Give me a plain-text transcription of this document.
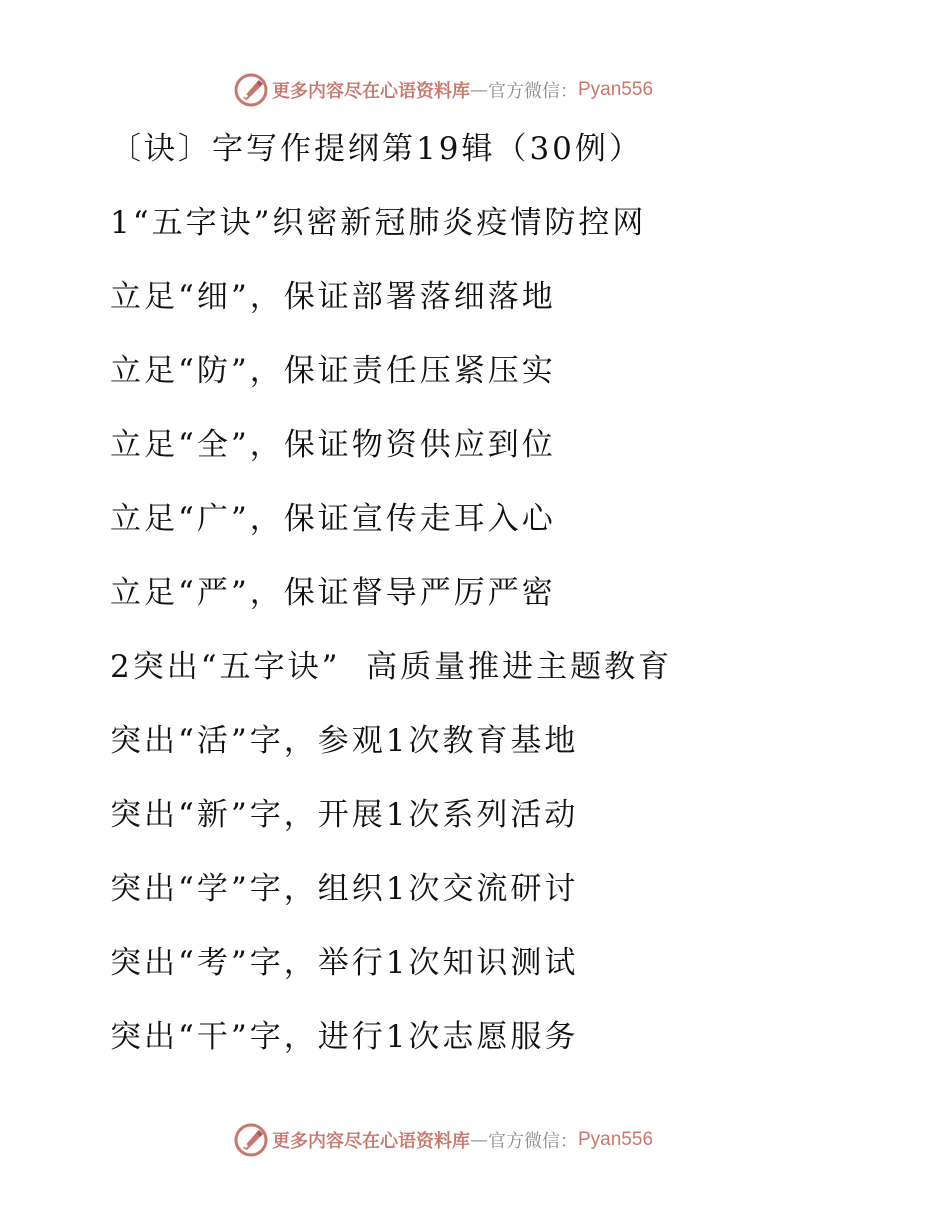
更多内容尽在心语资料库 — 官方微信： Pyan556

〔诀〕字写作提纲第19辑（30例）

1“五字诀”织密新冠肺炎疫情防控网

立足“细”，保证部署落细落地

立足“防”，保证责任压紧压实

立足“全”，保证物资供应到位

立足“广”，保证宣传走耳入心

立足“严”，保证督导严厉严密

2突出“五字诀”  高质量推进主题教育

突出“活”字，参观1次教育基地

突出“新”字，开展1次系列活动

突出“学”字，组织1次交流研讨

突出“考”字，举行1次知识测试

突出“干”字，进行1次志愿服务

更多内容尽在心语资料库 — 官方微信： Pyan556
